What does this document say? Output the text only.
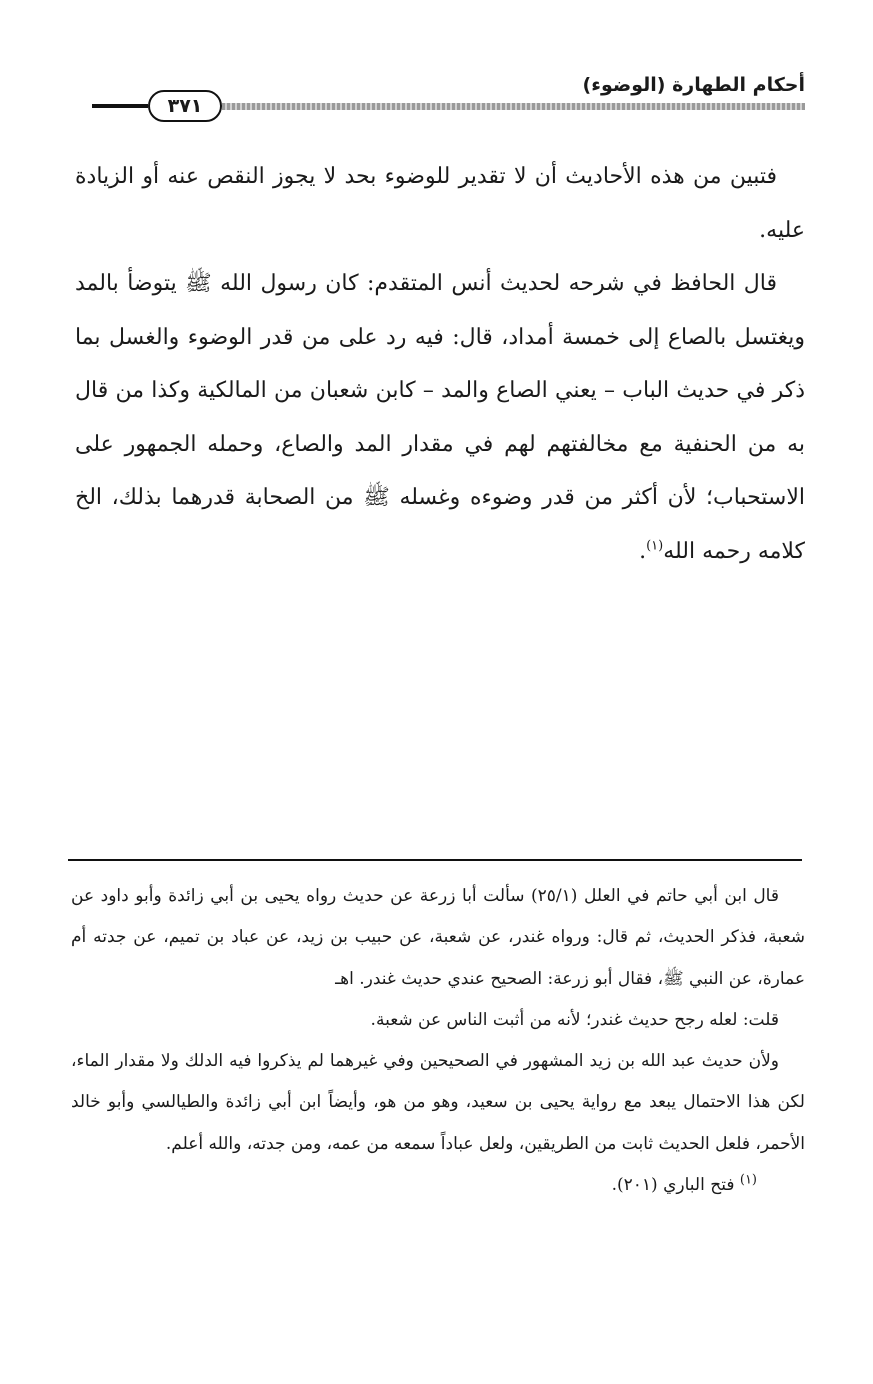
أحكام الطهارة (الوضوء)
٣٧١

فتبين من هذه الأحاديث أن لا تقدير للوضوء بحد لا يجوز النقص عنه أو الزيادة عليه.

قال الحافظ في شرحه لحديث أنس المتقدم: كان رسول الله ﷺ يتوضأ بالمد ويغتسل بالصاع إلى خمسة أمداد، قال: فيه رد على من قدر الوضوء والغسل بما ذكر في حديث الباب – يعني الصاع والمد – كابن شعبان من المالكية وكذا من قال به من الحنفية مع مخالفتهم لهم في مقدار المد والصاع، وحمله الجمهور على الاستحباب؛ لأن أكثر من قدر وضوءه وغسله ﷺ من الصحابة قدرهما بذلك، الخ كلامه رحمه الله$^{(١)}$.

قال ابن أبي حاتم في العلل (٢٥/١) سألت أبا زرعة عن حديث رواه يحيى بن أبي زائدة وأبو داود عن شعبة، فذكر الحديث، ثم قال: ورواه غندر، عن شعبة، عن حبيب بن زيد، عن عباد بن تميم، عن جدته أم عمارة، عن النبي ﷺ، فقال أبو زرعة: الصحيح عندي حديث غندر. اهـ

قلت: لعله رجح حديث غندر؛ لأنه من أثبت الناس عن شعبة.

ولأن حديث عبد الله بن زيد المشهور في الصحيحين وفي غيرهما لم يذكروا فيه الدلك ولا مقدار الماء، لكن هذا الاحتمال يبعد مع رواية يحيى بن سعيد، وهو من هو، وأيضاً ابن أبي زائدة والطيالسي وأبو خالد الأحمر، فلعل الحديث ثابت من الطريقين، ولعل عباداً سمعه من عمه، ومن جدته، والله أعلم.

$^{(١)}$ فتح الباري (٢٠١).
